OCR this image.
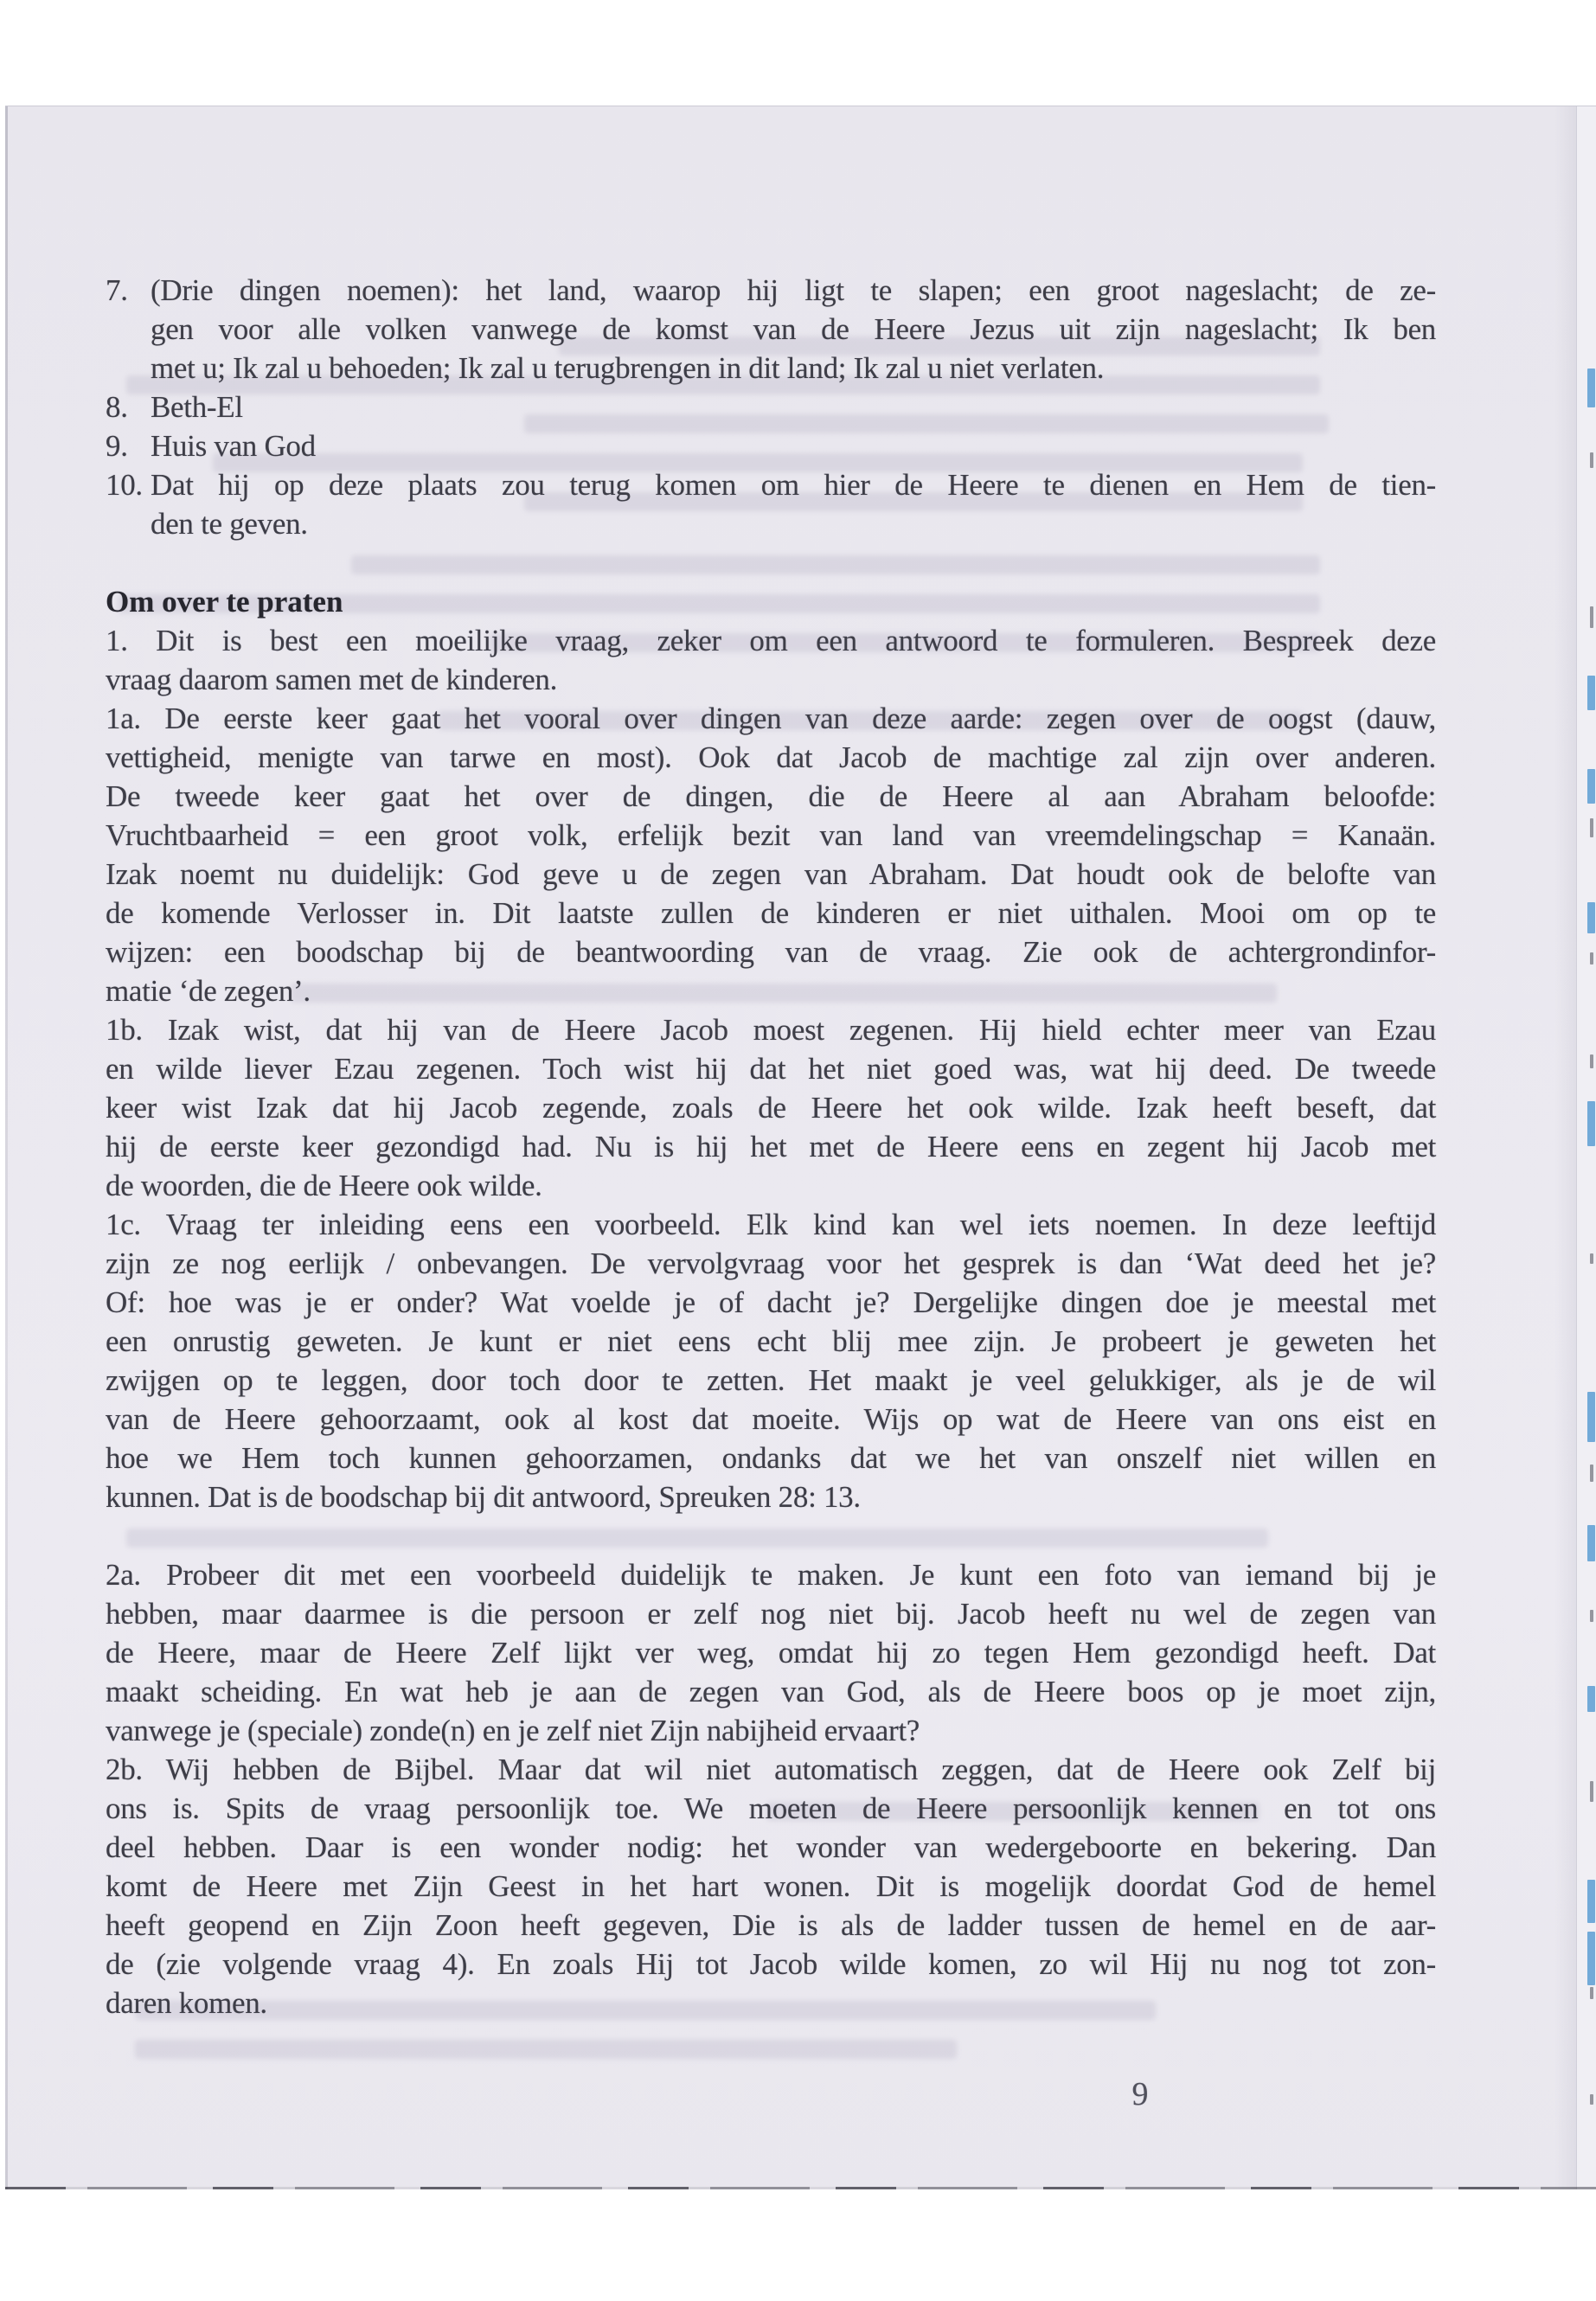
7. (Drie dingen noemen): het land, waarop hij ligt te slapen; een groot nageslacht; de ze-
gen voor alle volken vanwege de komst van de Heere Jezus uit zijn nageslacht; Ik ben
met u; Ik zal u behoeden; Ik zal u terugbrengen in dit land; Ik zal u niet verlaten.
8. Beth-El
9. Huis van God
10. Dat hij op deze plaats zou terug komen om hier de Heere te dienen en Hem de tien-
den te geven.
Om over te praten
1. Dit is best een moeilijke vraag, zeker om een antwoord te formuleren. Bespreek deze
vraag daarom samen met de kinderen.
1a. De eerste keer gaat het vooral over dingen van deze aarde: zegen over de oogst (dauw,
vettigheid, menigte van tarwe en most). Ook dat Jacob de machtige zal zijn over anderen.
De tweede keer gaat het over de dingen, die de Heere al aan Abraham beloofde:
Vruchtbaarheid = een groot volk, erfelijk bezit van land van vreemdelingschap = Kanaän.
Izak noemt nu duidelijk: God geve u de zegen van Abraham. Dat houdt ook de belofte van
de komende Verlosser in. Dit laatste zullen de kinderen er niet uithalen. Mooi om op te
wijzen: een boodschap bij de beantwoording van de vraag. Zie ook de achtergrondinfor-
matie ‘de zegen’.
1b. Izak wist, dat hij van de Heere Jacob moest zegenen. Hij hield echter meer van Ezau
en wilde liever Ezau zegenen. Toch wist hij dat het niet goed was, wat hij deed. De tweede
keer wist Izak dat hij Jacob zegende, zoals de Heere het ook wilde. Izak heeft beseft, dat
hij de eerste keer gezondigd had. Nu is hij het met de Heere eens en zegent hij Jacob met
de woorden, die de Heere ook wilde.
1c. Vraag ter inleiding eens een voorbeeld. Elk kind kan wel iets noemen. In deze leeftijd
zijn ze nog eerlijk / onbevangen. De vervolgvraag voor het gesprek is dan ‘Wat deed het je?
Of: hoe was je er onder? Wat voelde je of dacht je? Dergelijke dingen doe je meestal met
een onrustig geweten. Je kunt er niet eens echt blij mee zijn. Je probeert je geweten het
zwijgen op te leggen, door toch door te zetten. Het maakt je veel gelukkiger, als je de wil
van de Heere gehoorzaamt, ook al kost dat moeite. Wijs op wat de Heere van ons eist en
hoe we Hem toch kunnen gehoorzamen, ondanks dat we het van onszelf niet willen en
kunnen. Dat is de boodschap bij dit antwoord, Spreuken 28: 13.
2a. Probeer dit met een voorbeeld duidelijk te maken. Je kunt een foto van iemand bij je
hebben, maar daarmee is die persoon er zelf nog niet bij. Jacob heeft nu wel de zegen van
de Heere, maar de Heere Zelf lijkt ver weg, omdat hij zo tegen Hem gezondigd heeft. Dat
maakt scheiding. En wat heb je aan de zegen van God, als de Heere boos op je moet zijn,
vanwege je (speciale) zonde(n) en je zelf niet Zijn nabijheid ervaart?
2b. Wij hebben de Bijbel. Maar dat wil niet automatisch zeggen, dat de Heere ook Zelf bij
ons is. Spits de vraag persoonlijk toe. We moeten de Heere persoonlijk kennen en tot ons
deel hebben. Daar is een wonder nodig: het wonder van wedergeboorte en bekering. Dan
komt de Heere met Zijn Geest in het hart wonen. Dit is mogelijk doordat God de hemel
heeft geopend en Zijn Zoon heeft gegeven, Die is als de ladder tussen de hemel en de aar-
de (zie volgende vraag 4). En zoals Hij tot Jacob wilde komen, zo wil Hij nu nog tot zon-
daren komen.
9
